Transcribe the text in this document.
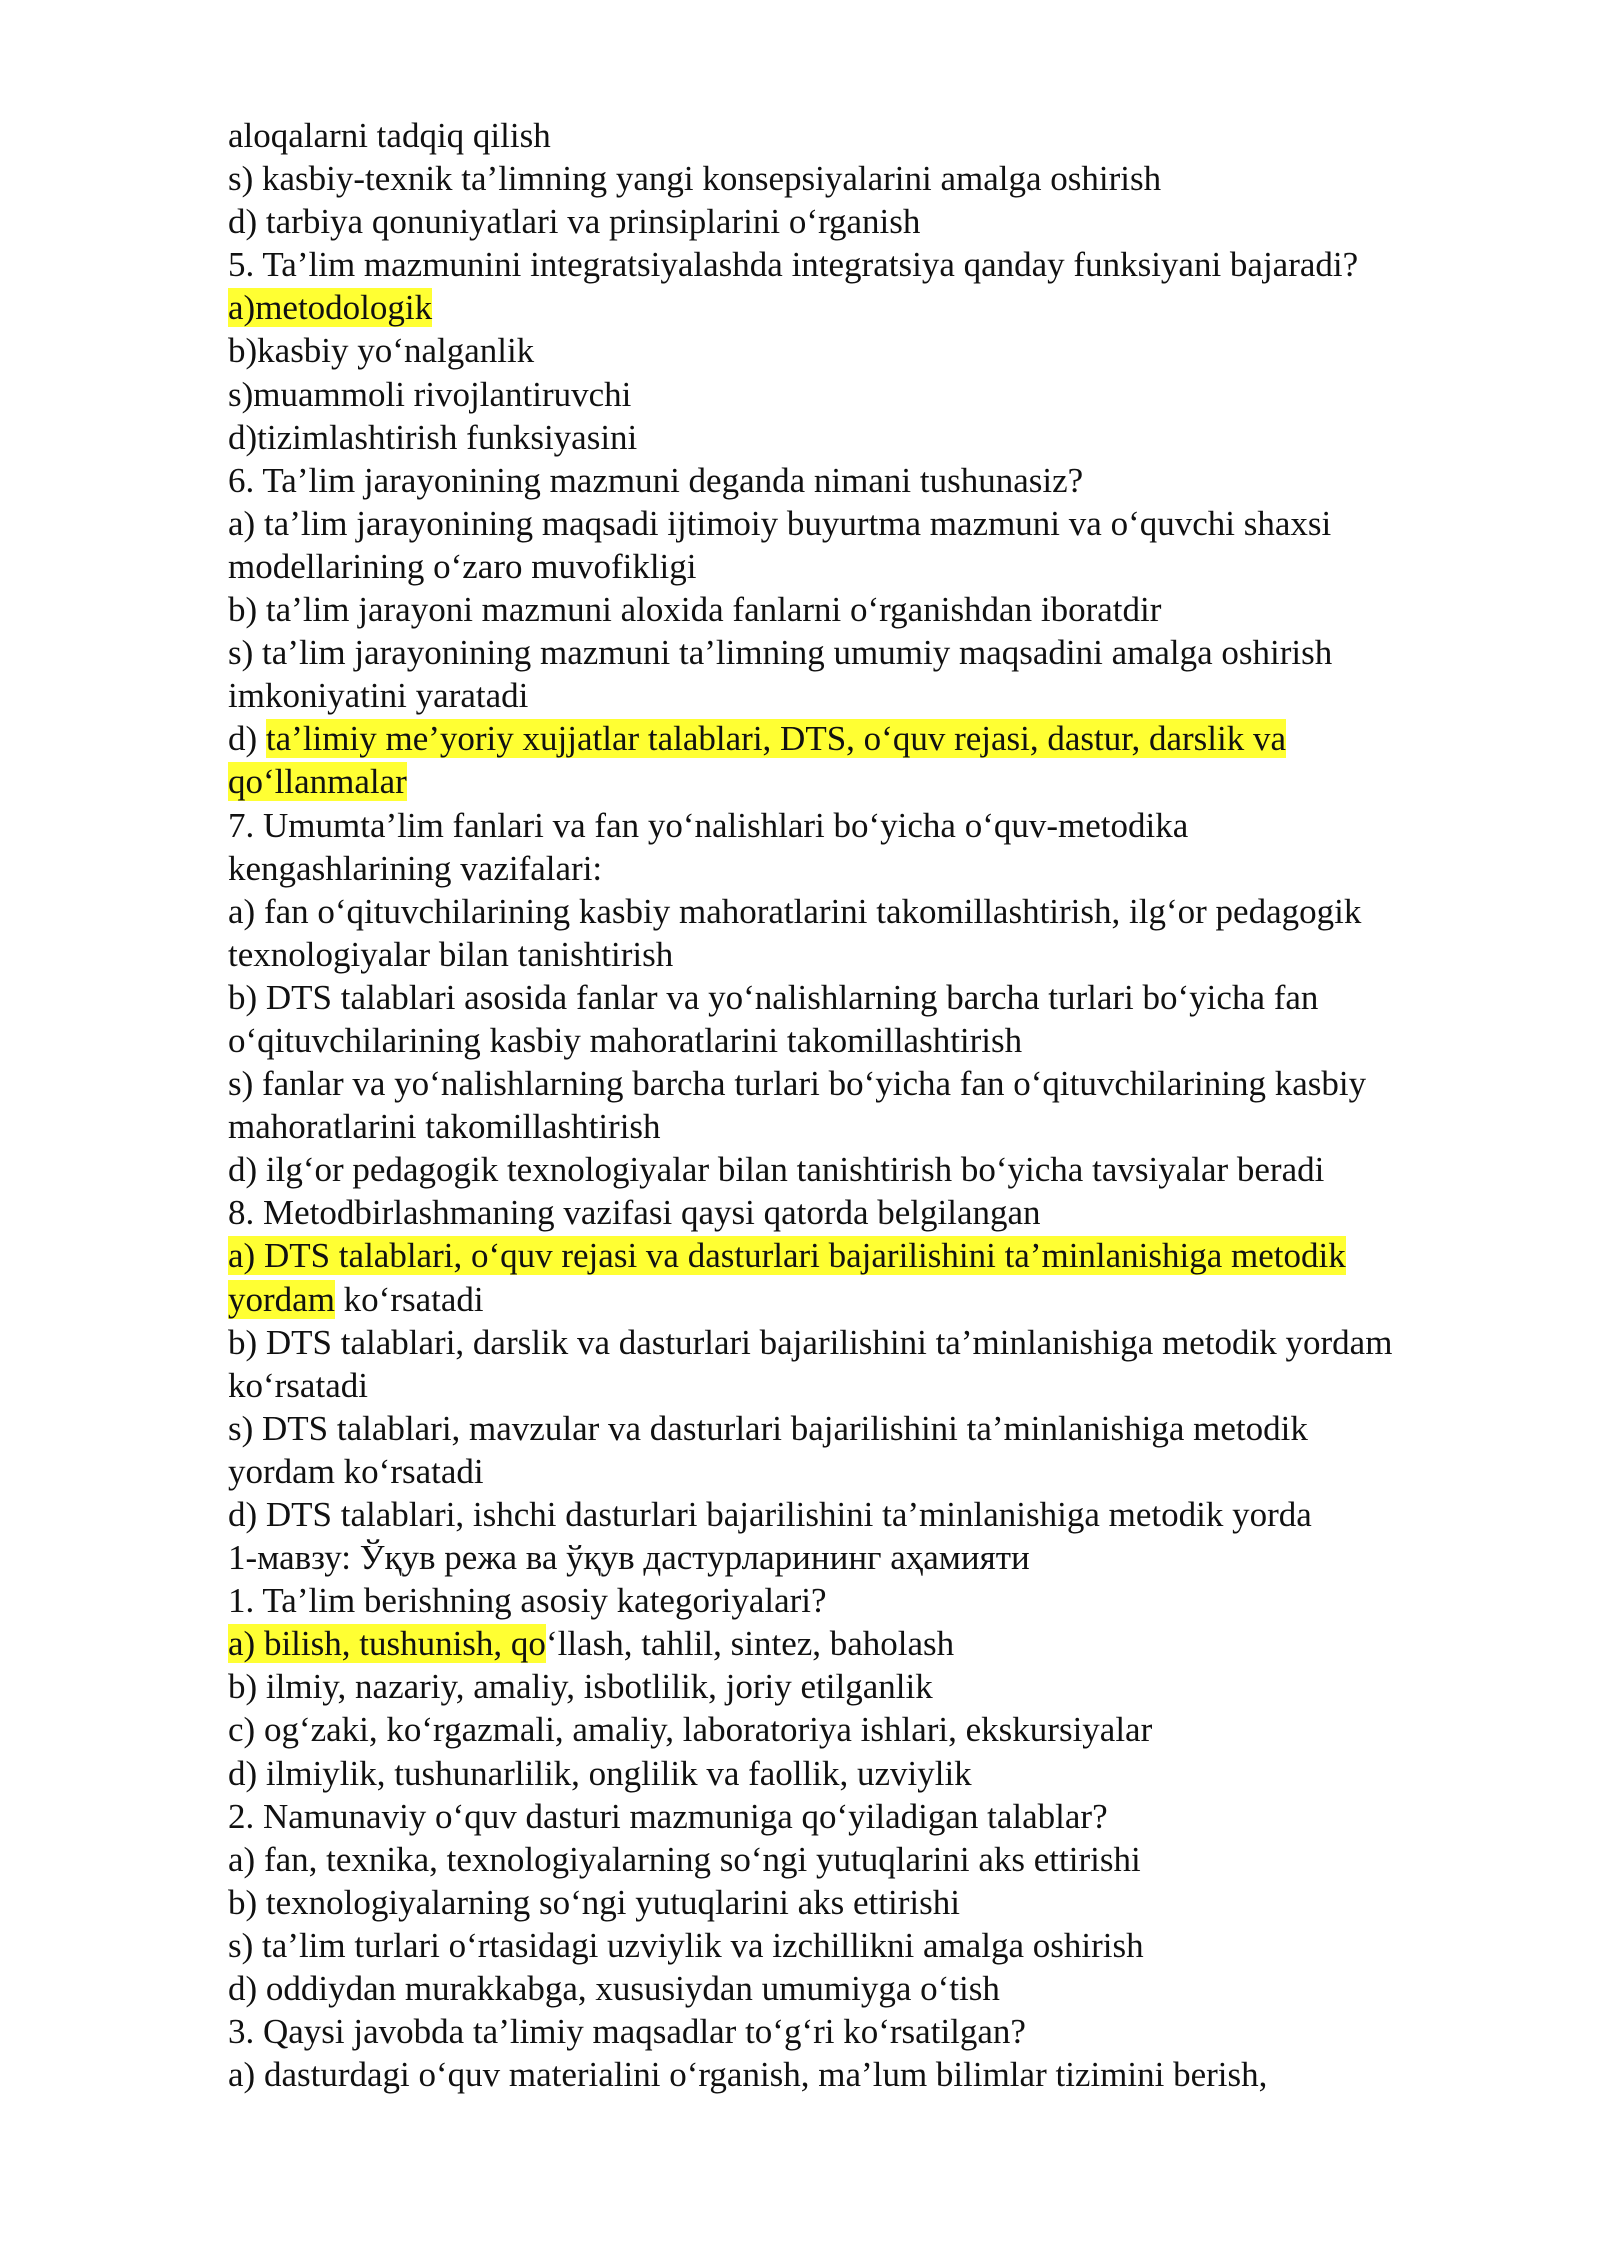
aloqalarni tadqiq qilish
s) kasbiy-texnik ta’limning yangi konsepsiyalarini amalga oshirish
d) tarbiya qonuniyatlari va prinsiplarini o‘rganish
5. Ta’lim mazmunini integratsiyalashda integratsiya qanday funksiyani bajaradi?
a)metodologik
b)kasbiy yo‘nalganlik
s)muammoli rivojlantiruvchi
d)tizimlashtirish funksiyasini
6. Ta’lim jarayonining mazmuni deganda nimani tushunasiz?
a) ta’lim jarayonining maqsadi ijtimoiy buyurtma mazmuni va o‘quvchi shaxsi
modellarining o‘zaro muvofikligi
b) ta’lim jarayoni mazmuni aloxida fanlarni o‘rganishdan iboratdir
s) ta’lim jarayonining mazmuni ta’limning umumiy maqsadini amalga oshirish
imkoniyatini yaratadi
d) ta’limiy me’yoriy xujjatlar talablari, DTS, o‘quv rejasi, dastur, darslik va
qo‘llanmalar
7. Umumta’lim fanlari va fan yo‘nalishlari bo‘yicha o‘quv-metodika
kengashlarining vazifalari:
a) fan o‘qituvchilarining kasbiy mahoratlarini takomillashtirish, ilg‘or pedagogik
texnologiyalar bilan tanishtirish
b) DTS talablari asosida fanlar va yo‘nalishlarning barcha turlari bo‘yicha fan
o‘qituvchilarining kasbiy mahoratlarini takomillashtirish
s) fanlar va yo‘nalishlarning barcha turlari bo‘yicha fan o‘qituvchilarining kasbiy
mahoratlarini takomillashtirish
d) ilg‘or pedagogik texnologiyalar bilan tanishtirish bo‘yicha tavsiyalar beradi
8. Metodbirlashmaning vazifasi qaysi qatorda belgilangan
a) DTS talablari, o‘quv rejasi va dasturlari bajarilishini ta’minlanishiga metodik
yordam ko‘rsatadi
b) DTS talablari, darslik va dasturlari bajarilishini ta’minlanishiga metodik yordam
ko‘rsatadi
s) DTS talablari, mavzular va dasturlari bajarilishini ta’minlanishiga metodik
yordam ko‘rsatadi
d) DTS talablari, ishchi dasturlari bajarilishini ta’minlanishiga metodik yorda
1-мавзу: Ўқув режа ва ўқув дастурларининг аҳамияти
1. Ta’lim berishning asosiy kategoriyalari?
a) bilish, tushunish, qo‘llash, tahlil, sintez, baholash
b) ilmiy, nazariy, amaliy, isbotlilik, joriy etilganlik
c) og‘zaki, ko‘rgazmali, amaliy, laboratoriya ishlari, ekskursiyalar
d) ilmiylik, tushunarlilik, onglilik va faollik, uzviylik
2. Namunaviy o‘quv dasturi mazmuniga qo‘yiladigan talablar?
a) fan, texnika, texnologiyalarning so‘ngi yutuqlarini aks ettirishi
b) texnologiyalarning so‘ngi yutuqlarini aks ettirishi
s) ta’lim turlari o‘rtasidagi uzviylik va izchillikni amalga oshirish
d) oddiydan murakkabga, xususiydan umumiyga o‘tish
3. Qaysi javobda ta’limiy maqsadlar to‘g‘ri ko‘rsatilgan?
a) dasturdagi o‘quv materialini o‘rganish, ma’lum bilimlar tizimini berish,
